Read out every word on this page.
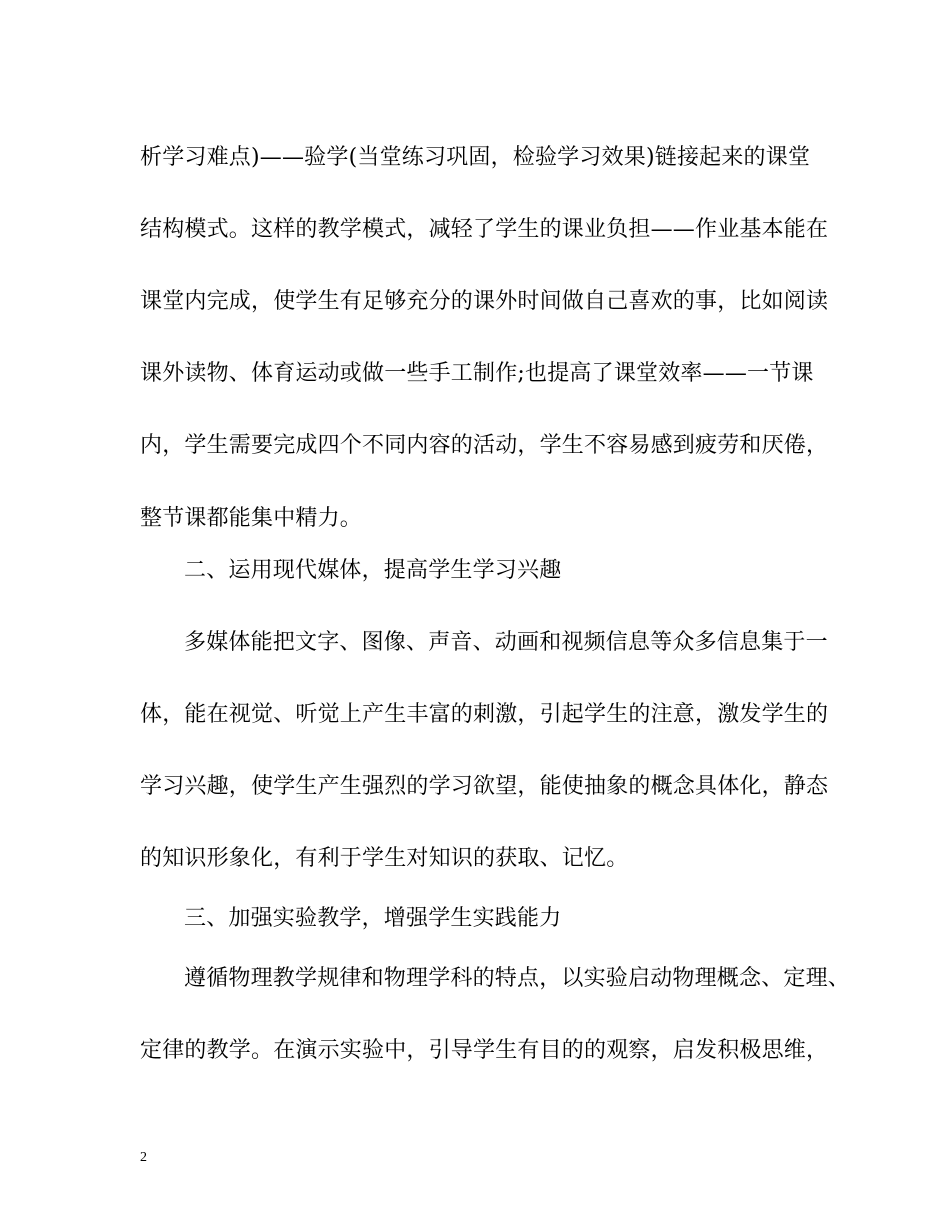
析学习难点)——验学(当堂练习巩固，检验学习效果)链接起来的课堂
结构模式。这样的教学模式，减轻了学生的课业负担——作业基本能在
课堂内完成，使学生有足够充分的课外时间做自己喜欢的事，比如阅读
课外读物、体育运动或做一些手工制作;也提高了课堂效率——一节课
内，学生需要完成四个不同内容的活动，学生不容易感到疲劳和厌倦，
整节课都能集中精力。
二、运用现代媒体，提高学生学习兴趣
多媒体能把文字、图像、声音、动画和视频信息等众多信息集于一
体，能在视觉、听觉上产生丰富的刺激，引起学生的注意，激发学生的
学习兴趣，使学生产生强烈的学习欲望，能使抽象的概念具体化，静态
的知识形象化，有利于学生对知识的获取、记忆。
三、加强实验教学，增强学生实践能力
遵循物理教学规律和物理学科的特点，以实验启动物理概念、定理、
定律的教学。在演示实验中，引导学生有目的的观察，启发积极思维，
2
